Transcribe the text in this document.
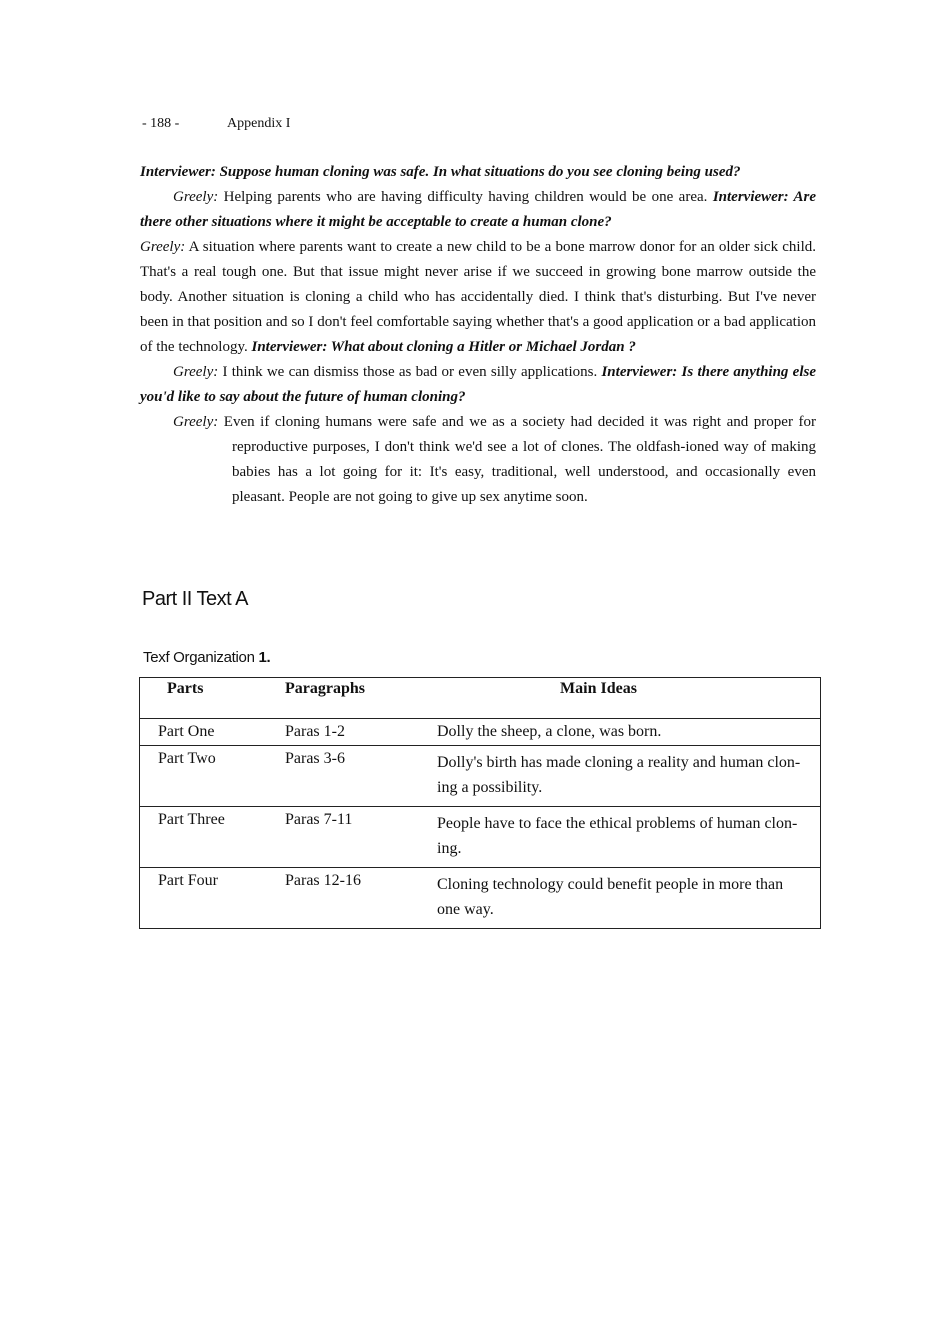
- 188 -	Appendix I

Interviewer: Suppose human cloning was safe. In what situations do you see cloning being used?

Greely: Helping parents who are having difficulty having children would be one area. Interviewer: Are there other situations where it might be acceptable to create a human clone?

Greely: A situation where parents want to create a new child to be a bone marrow donor for an older sick child. That's a real tough one. But that issue might never arise if we succeed in growing bone marrow outside the body. Another situation is cloning a child who has accidentally died. I think that's disturbing. But I've never been in that position and so I don't feel comfortable saying whether that's a good application or a bad application of the technology. Interviewer: What about cloning a Hitler or Michael Jordan ?

Greely: I think we can dismiss those as bad or even silly applications. Interviewer: Is there anything else you'd like to say about the future of human cloning?

Greely: Even if cloning humans were safe and we as a society had decided it was right and proper for reproductive purposes, I don't think we'd see a lot of clones. The oldfash-ioned way of making babies has a lot going for it: It's easy, traditional, well understood, and occasionally even pleasant. People are not going to give up sex anytime soon.

Part II Text A
Texf Organization 1.
Parts	Paragraphs	Main Ideas
Part One	Paras 1-2	Dolly the sheep, a clone, was born.
Part Two	Paras 3-6	Dolly's birth has made cloning a reality and human clon-ing a possibility.
Part Three	Paras 7-11	People have to face the ethical problems of human clon-ing.
Part Four	Paras 12-16	Cloning technology could benefit people in more than one way.
